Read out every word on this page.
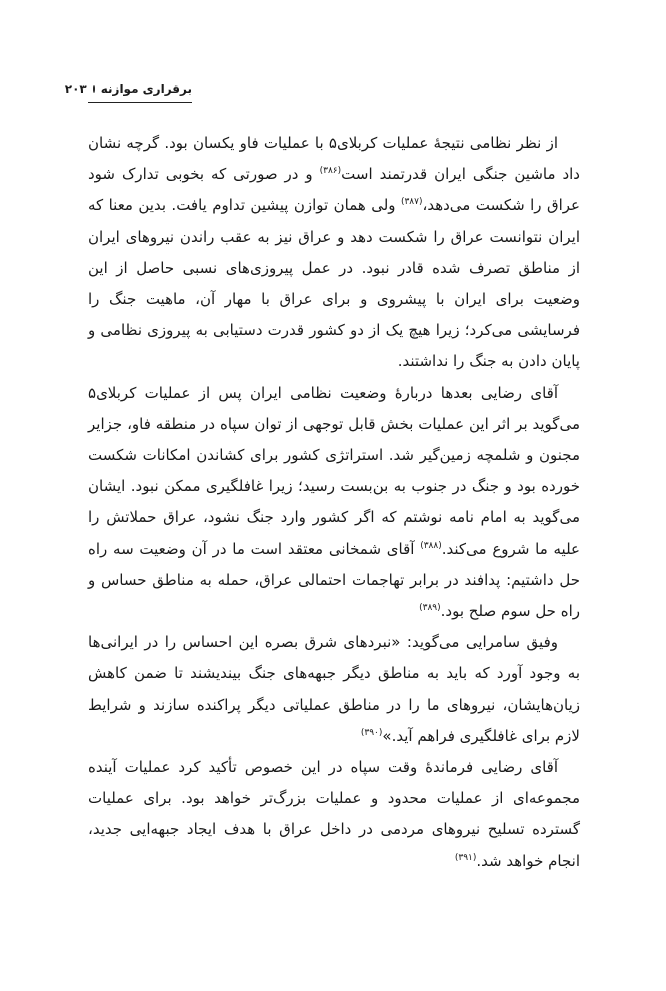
برقراری موازنه
۲۰۳

از نظر نظامی نتیجهٔ عملیات کربلای۵ با عملیات فاو یکسان بود. گرچه نشان داد ماشین جنگی ایران قدرتمند است$^{(۳۸۶)}$ و در صورتی که بخوبی تدارک شود عراق را شکست می‌دهد،$^{(۳۸۷)}$ ولی همان توازن پیشین تداوم یافت. بدین معنا که ایران نتوانست عراق را شکست دهد و عراق نیز به عقب راندن نیروهای ایران از مناطق تصرف شده قادر نبود. در عمل پیروزی‌های نسبی حاصل از این وضعیت برای ایران با پیشروی و برای عراق با مهار آن، ماهیت جنگ را فرسایشی می‌کرد؛ زیرا هیچ یک از دو کشور قدرت دستیابی به پیروزی نظامی و پایان دادن به جنگ را نداشتند.

آقای رضایی بعدها دربارهٔ وضعیت نظامی ایران پس از عملیات کربلای۵ می‌گوید بر اثر این عملیات بخش قابل توجهی از توان سپاه در منطقه فاو، جزایر مجنون و شلمچه زمین‌گیر شد. استراتژی کشور برای کشاندن امکانات شکست خورده بود و جنگ در جنوب به بن‌بست رسید؛ زیرا غافلگیری ممکن نبود. ایشان می‌گوید به امام نامه نوشتم که اگر کشور وارد جنگ نشود، عراق حملاتش را علیه ما شروع می‌کند.$^{(۳۸۸)}$ آقای شمخانی معتقد است ما در آن وضعیت سه راه حل داشتیم: پدافند در برابر تهاجمات احتمالی عراق، حمله به مناطق حساس و راه حل سوم صلح بود.$^{(۳۸۹)}$

وفیق سامرایی می‌گوید: «نبردهای شرق بصره این احساس را در ایرانی‌ها به وجود آورد که باید به مناطق دیگر جبهه‌های جنگ بیندیشند تا ضمن کاهش زیان‌هایشان، نیروهای ما را در مناطق عملیاتی دیگر پراکنده سازند و شرایط لازم برای غافلگیری فراهم آید.»$^{(۳۹۰)}$

آقای رضایی فرماندهٔ وقت سپاه در این خصوص تأکید کرد عملیات آینده مجموعه‌ای از عملیات محدود و عملیات بزرگ‌تر خواهد بود. برای عملیات گسترده تسلیح نیروهای مردمی در داخل عراق با هدف ایجاد جبهه‌ایی جدید، انجام خواهد شد.$^{(۳۹۱)}$
